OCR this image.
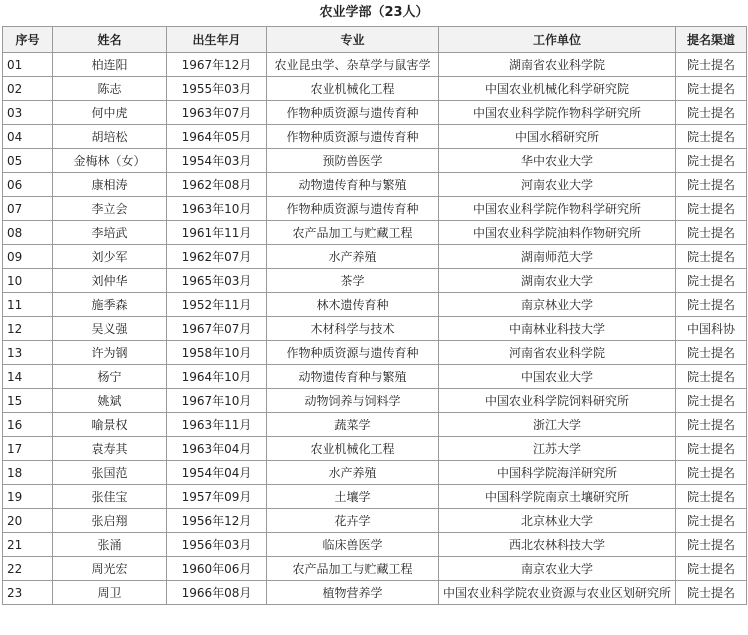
农业学部（23人）
序号	姓名	出生年月	专业	工作单位	提名渠道
01	柏连阳	1967年12月	农业昆虫学、杂草学与鼠害学	湖南省农业科学院	院士提名
02	陈志	1955年03月	农业机械化工程	中国农业机械化科学研究院	院士提名
03	何中虎	1963年07月	作物种质资源与遗传育种	中国农业科学院作物科学研究所	院士提名
04	胡培松	1964年05月	作物种质资源与遗传育种	中国水稻研究所	院士提名
05	金梅林（女）	1954年03月	预防兽医学	华中农业大学	院士提名
06	康相涛	1962年08月	动物遗传育种与繁殖	河南农业大学	院士提名
07	李立会	1963年10月	作物种质资源与遗传育种	中国农业科学院作物科学研究所	院士提名
08	李培武	1961年11月	农产品加工与贮藏工程	中国农业科学院油料作物研究所	院士提名
09	刘少军	1962年07月	水产养殖	湖南师范大学	院士提名
10	刘仲华	1965年03月	茶学	湖南农业大学	院士提名
11	施季森	1952年11月	林木遗传育种	南京林业大学	院士提名
12	吴义强	1967年07月	木材科学与技术	中南林业科技大学	中国科协
13	许为钢	1958年10月	作物种质资源与遗传育种	河南省农业科学院	院士提名
14	杨宁	1964年10月	动物遗传育种与繁殖	中国农业大学	院士提名
15	姚斌	1967年10月	动物饲养与饲料学	中国农业科学院饲料研究所	院士提名
16	喻景权	1963年11月	蔬菜学	浙江大学	院士提名
17	袁寿其	1963年04月	农业机械化工程	江苏大学	院士提名
18	张国范	1954年04月	水产养殖	中国科学院海洋研究所	院士提名
19	张佳宝	1957年09月	土壤学	中国科学院南京土壤研究所	院士提名
20	张启翔	1956年12月	花卉学	北京林业大学	院士提名
21	张涌	1956年03月	临床兽医学	西北农林科技大学	院士提名
22	周光宏	1960年06月	农产品加工与贮藏工程	南京农业大学	院士提名
23	周卫	1966年08月	植物营养学	中国农业科学院农业资源与农业区划研究所	院士提名
